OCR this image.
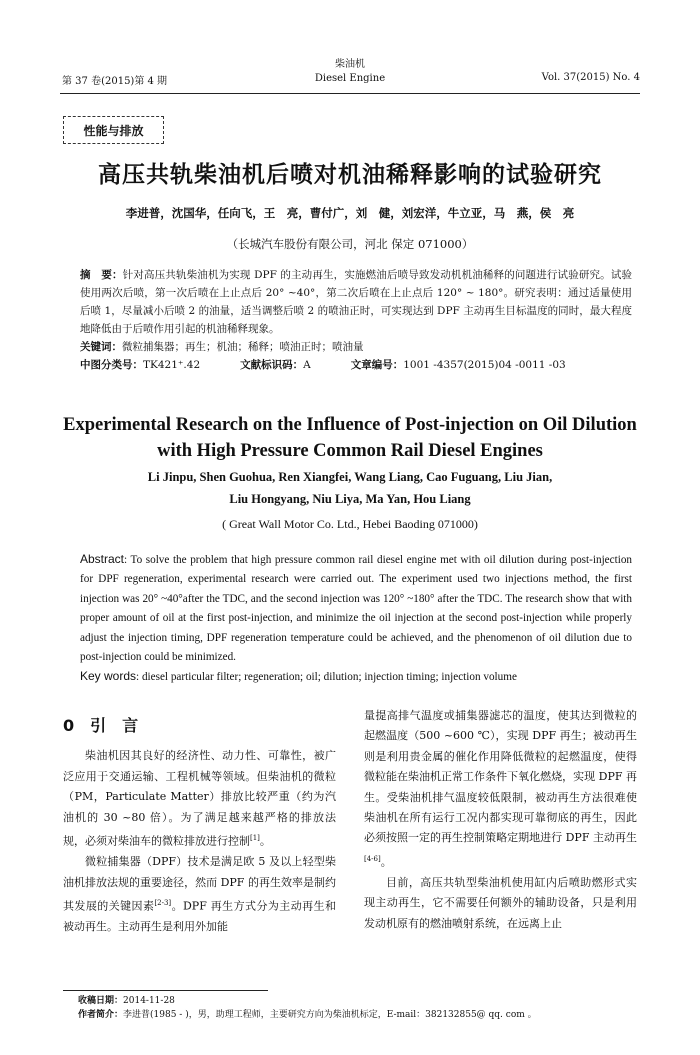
第 37 卷(2015)第 4 期
柴油机
Diesel Engine	Vol. 37(2015) No. 4
性能与排放
高压共轨柴油机后喷对机油稀释影响的试验研究
李进普，沈国华，任向飞，王　亮，曹付广，刘　健，刘宏洋，牛立亚，马　燕，侯　亮
（长城汽车股份有限公司，河北 保定 071000）
摘　要：针对高压共轨柴油机为实现 DPF 的主动再生，实施燃油后喷导致发动机机油稀释的问题进行试验研究。试验使用两次后喷，第一次后喷在上止点后 20° ~40°，第二次后喷在上止点后 120° ~ 180°。研究表明：通过适量使用后喷 1，尽量减小后喷 2 的油量，适当调整后喷 2 的喷油正时，可实现达到 DPF 主动再生目标温度的同时，最大程度地降低由于后喷作用引起的机油稀释现象。
关键词：微粒捕集器；再生；机油；稀释；喷油正时；喷油量
中图分类号：TK421⁺.42	文献标识码：A	文章编号：1001 -4357(2015)04 -0011 -03
Experimental Research on the Influence of Post-injection on Oil Dilution
with High Pressure Common Rail Diesel Engines
Li Jinpu, Shen Guohua, Ren Xiangfei, Wang Liang, Cao Fuguang, Liu Jian,
Liu Hongyang, Niu Liya, Ma Yan, Hou Liang
( Great Wall Motor Co. Ltd., Hebei Baoding 071000)
Abstract: To solve the problem that high pressure common rail diesel engine met with oil dilution during post-injection for DPF regeneration, experimental research were carried out. The experiment used two injections method, the first injection was 20° ~40°after the TDC, and the second injection was 120° ~180° after the TDC. The research show that with proper amount of oil at the first post-injection, and minimize the oil injection at the second post-injection while properly adjust the injection timing, DPF regeneration temperature could be achieved, and the phenomenon of oil dilution due to post-injection could be minimized.
Key words: diesel particular filter; regeneration; oil; dilution; injection timing; injection volume
0　引　言

柴油机因其良好的经济性、动力性、可靠性，被广泛应用于交通运输、工程机械等领域。但柴油机的微粒（PM，Particulate Matter）排放比较严重（约为汽油机的 30 ~80 倍）。为了满足越来越严格的排放法规，必须对柴油车的微粒排放进行控制[1]。

微粒捕集器（DPF）技术是满足欧 5 及以上轻型柴油机排放法规的重要途径，然而 DPF 的再生效率是制约其发展的关键因素[2-3]。DPF 再生方式分为主动再生和被动再生。主动再生是利用外加能

量提高排气温度或捕集器滤芯的温度，使其达到微粒的起燃温度（500 ~600 ℃），实现 DPF 再生；被动再生则是利用贵金属的催化作用降低微粒的起燃温度，使得微粒能在柴油机正常工作条件下氧化燃烧，实现 DPF 再生。受柴油机排气温度较低限制，被动再生方法很难使柴油机在所有运行工况内都实现可靠彻底的再生，因此必须按照一定的再生控制策略定期地进行 DPF 主动再生[4-6]。

目前，高压共轨型柴油机使用缸内后喷助燃形式实现主动再生，它不需要任何额外的辅助设备，只是利用发动机原有的燃油喷射系统，在远离上止

收稿日期：2014-11-28
作者简介：李进普(1985 - )，男，助理工程师，主要研究方向为柴油机标定，E-mail：382132855@ qq. com 。
